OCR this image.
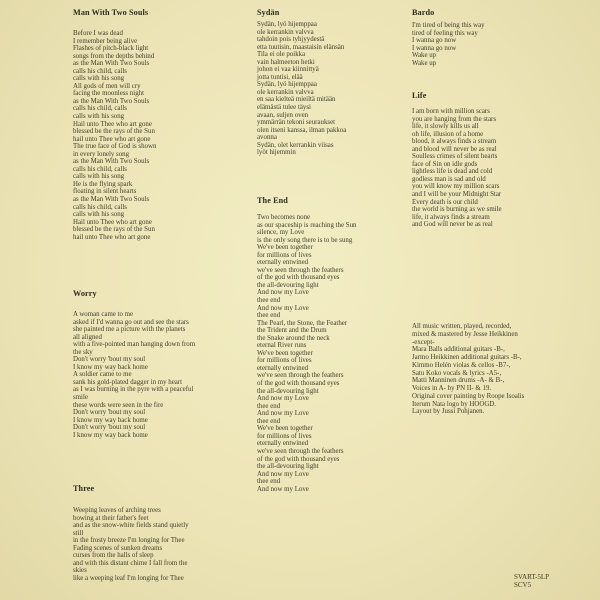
Man With Two Souls
Before I was dead
I remember being alive
Flashes of pitch-black light
songs from the depths behind
as the Man With Two Souls
calls his child, calls
calls with his song
All gods of men will cry
facing the moonless night
as the Man With Two Souls
calls his child, calls
calls with his song
Hail unto Thee who art gone
blessed be the rays of the Sun
hail unto Thee who art gone
The true face of God is shown
in every lonely song
as the Man With Two Souls
calls his child, calls
calls with his song
He is the flying spark
floating in silent hearts
as the Man With Two Souls
calls his child, calls
calls with his song
Hail unto Thee who art gone
blessed be the rays of the Sun
hail unto Thee who art gone
Worry
A woman came to me
asked if I'd wanna go out and see the stars
she painted me a picture with the planets
all aligned
with a five-pointed man hanging down from
the sky
Don't worry 'bout my soul
I know my way back home
A soldier came to me
sank his gold-plated dagger in my heart
as I was burning in the pyre with a peaceful
smile
these words were seen in the fire
Don't worry 'bout my soul
I know my way back home
Don't worry 'bout my soul
I know my way back home
Three
Weeping leaves of arching trees
bowing at their father's feet
and as the snow-white fields stand quietly
still
in the frosty breeze I'm longing for Thee
Fading scenes of sunken dreams
curses from the halls of sleep
and with this distant chime I fall from the
skies
like a weeping leaf I'm longing for Thee
Sydän
Sydän, lyö hijemppaa
ole kerrankin valvva
tahdoin pois tyhjyydestä
etta tuutisin, maastaisin elänsän
Tila ei ole poikka
vain halmeeton hetki
johon ei vaa kiinnittyä
jotta tuntisi, elää
Sydän, lyö hijemppaa
ole kerrankin valvva
en saa kielteä mieiltä mitään
elämästä tulee täysi
avaan, suljen oven
ymmärrän tekoni seuraukset
olen itseni kanssa, ilman pakkoa
avonna
Sydän, olet kerrankin viisas
lyöt hijemmin
The End
Two becomes none
as our spaceship is reaching the Sun
silence, my Love
is the only song there is to be sung
We've been together
for millions of lives
eternally entwined
we've seen through the feathers
of the god with thousand eyes
the all-devouring light
And now my Love
thee end
And now my Love
thee end
The Pearl, the Stone, the Feather
the Trident and the Drum
the Snake around the neck
eternal River runs
We've been together
for millions of lives
eternally entwined
we've seen through the feathers
of the god with thousand eyes
the all-devouring light
And now my Love
thee end
And now my Love
thee end
We've been together
for millions of lives
eternally entwined
we've seen through the feathers
of the god with thousand eyes
the all-devouring light
And now my Love
thee end
And now my Love
Bardo
I'm tired of being this way
tired of feeling this way
I wanna go now
I wanna go now
Wake up
Wake up
Life
I am born with million scars
you are hanging from the stars
life, it slowly kills us all
oh life, illusion of a home
blood, it always finds a stream
and blood will never be as real
Soulless crimes of silent hearts
face of Sin on idle gods
lightless life is dead and cold
godless man is sad and old
you will know my million scars
and I will be your Midnight Star
Every death is our child
the world is burning as we smile
life, it always finds a stream
and God will never be as real
All music written, played, recorded,
mixed & mastered by Jesse Heikkinen
-except-
Mara Balls additional guitars -B-,
Jarmo Heikkinen additional guitars -B-,
Kimmo Helén violas & cellos -B7-,
Satu Koko vocals & lyrics -A5-,
Matti Manninen drums -A- & B-,
Voices in A- by PN II- & 19.
Original cover painting by Roope Isoalis
Iterum Nata logo by HOOGD.
Layout by Jussi Pohjanen.
SVART-5LP
SCV5
